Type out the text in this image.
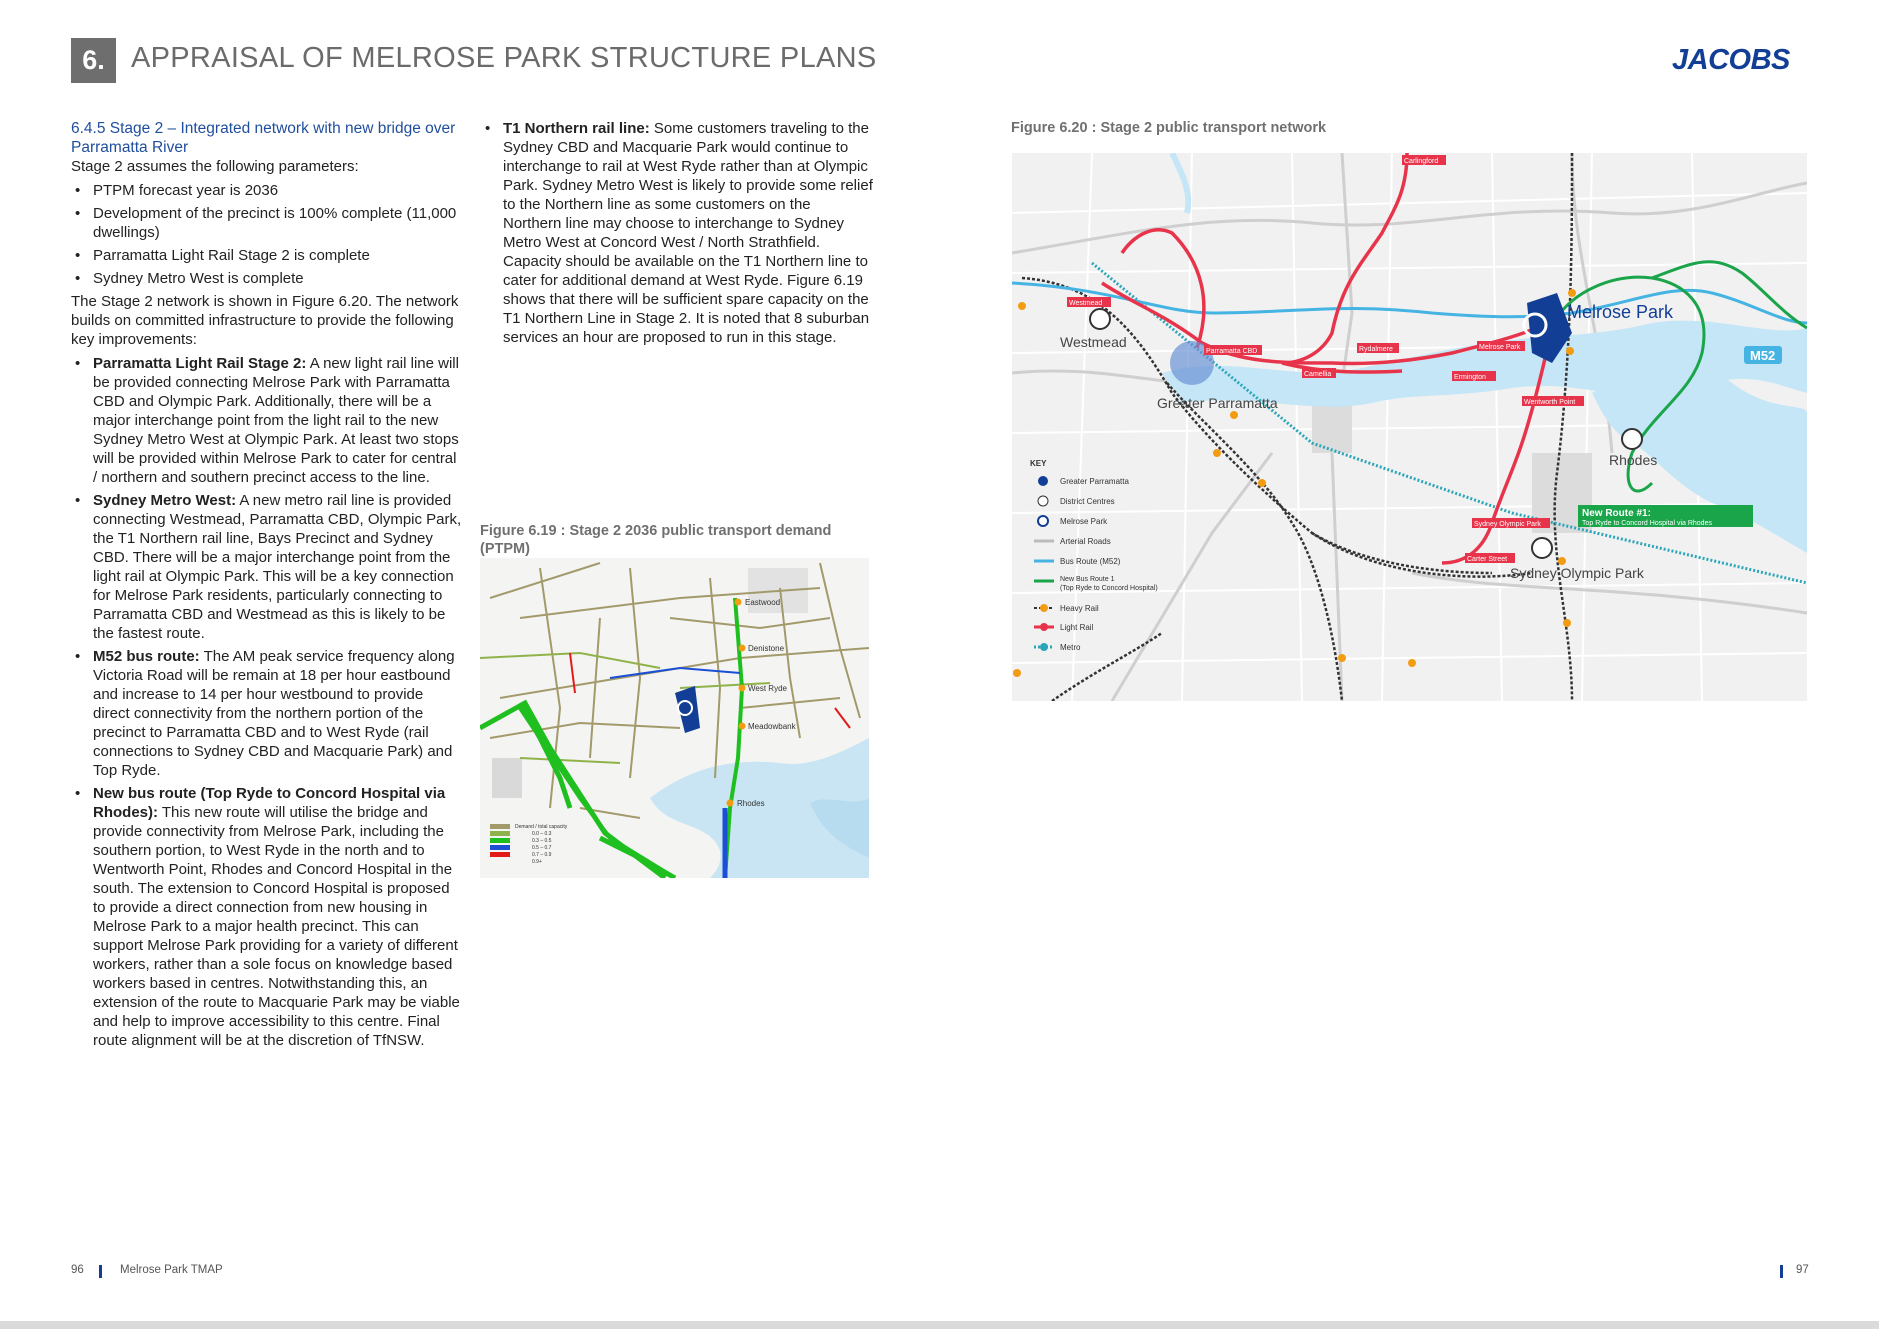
6. APPRAISAL OF MELROSE PARK STRUCTURE PLANS	JACOBS

6.4.5 Stage 2 – Integrated network with new bridge over Parramatta River

Stage 2 assumes the following parameters:

• PTPM forecast year is 2036
• Development of the precinct is 100% complete (11,000 dwellings)
• Parramatta Light Rail Stage 2 is complete
• Sydney Metro West is complete

The Stage 2 network is shown in Figure 6.20. The network builds on committed infrastructure to provide the following key improvements:

• Parramatta Light Rail Stage 2: A new light rail line will be provided connecting Melrose Park with Parramatta CBD and Olympic Park. Additionally, there will be a major interchange point from the light rail to the new Sydney Metro West at Olympic Park. At least two stops will be provided within Melrose Park to cater for central / northern and southern precinct access to the line.
• Sydney Metro West: A new metro rail line is provided connecting Westmead, Parramatta CBD, Olympic Park, the T1 Northern rail line, Bays Precinct and Sydney CBD. There will be a major interchange point from the light rail at Olympic Park. This will be a key connection for Melrose Park residents, particularly connecting to Parramatta CBD and Westmead as this is likely to be the fastest route.
• M52 bus route: The AM peak service frequency along Victoria Road will be remain at 18 per hour eastbound and increase to 14 per hour westbound to provide direct connectivity from the northern portion of the precinct to Parramatta CBD and to West Ryde (rail connections to Sydney CBD and Macquarie Park) and Top Ryde.
• New bus route (Top Ryde to Concord Hospital via Rhodes): This new route will utilise the bridge and provide connectivity from Melrose Park, including the southern portion, to West Ryde in the north and to Wentworth Point, Rhodes and Concord Hospital in the south. The extension to Concord Hospital is proposed to provide a direct connection from new housing in Melrose Park to a major health precinct. This can support Melrose Park providing for a variety of different workers, rather than a sole focus on knowledge based workers based in centres. Notwithstanding this, an extension of the route to Macquarie Park may be viable and help to improve accessibility to this centre. Final route alignment will be at the discretion of TfNSW.
• T1 Northern rail line: Some customers traveling to the Sydney CBD and Macquarie Park would continue to interchange to rail at West Ryde rather than at Olympic Park. Sydney Metro West is likely to provide some relief to the Northern line as some customers on the Northern line may choose to interchange to Sydney Metro West at Concord West / North Strathfield. Capacity should be available on the T1 Northern line to cater for additional demand at West Ryde. Figure 6.19 shows that there will be sufficient spare capacity on the T1 Northern Line in Stage 2. It is noted that 8 suburban services an hour are proposed to run in this stage.
Figure 6.19 : Stage 2 2036 public transport demand (PTPM)
Eastwood
Denistone
West Ryde
Meadowbank
Rhodes
Demand / total capacity
0.0 – 0.3
0.3 – 0.5
0.5 – 0.7
0.7 – 0.9
0.9+
Figure 6.20 : Stage 2 public transport network
Westmead
Greater Parramatta
Melrose Park
Rhodes
Sydney Olympic Park
M52
Carlingford
Westmead
Parramatta CBD	Rydalmere
Camellia
Melrose Park
Ermington
Wentworth Point
Sydney Olympic Park
Carter Street
New Route #1:
Top Ryde to Concord Hospital via Rhodes
KEY
Greater Parramatta
District Centres
Melrose Park
Arterial Roads
Bus Route (M52)
New Bus Route 1
(Top Ryde to Concord Hospital)
Heavy Rail
Light Rail
Metro
96	Melrose Park TMAP	97
